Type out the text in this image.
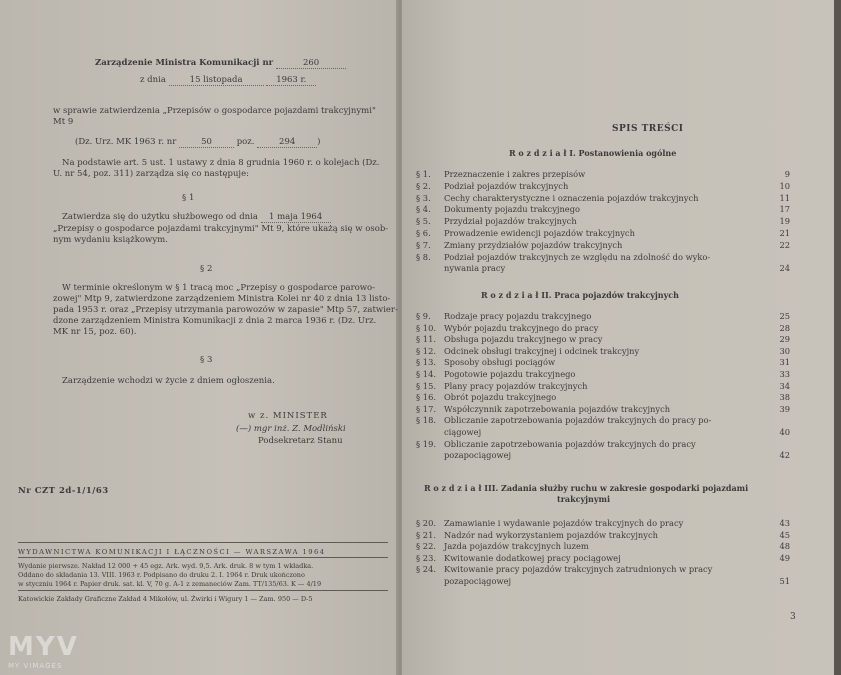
Zarządzenie Ministra Komunikacji nr	260
z dnia	15 listopada	1963 r.
w sprawie zatwierdzenia „Przepisów o gospodarce pojazdami trakcyjnymi"
Mt 9
(Dz. Urz. MK 1963 r. nr	50	poz.	294	)
Na podstawie art. 5 ust. 1 ustawy z dnia 8 grudnia 1960 r. o kolejach (Dz.
U. nr 54, poz. 311) zarządza się co następuje:
§ 1
Zatwierdza się do użytku służbowego od dnia 1 maja 1964
„Przepisy o gospodarce pojazdami trakcyjnymi" Mt 9, które ukażą się w osob-
nym wydaniu książkowym.
§ 2
W terminie określonym w § 1 tracą moc „Przepisy o gospodarce parowo-
zowej" Mtp 9, zatwierdzone zarządzeniem Ministra Kolei nr 40 z dnia 13 listo-
pada 1953 r. oraz „Przepisy utrzymania parowozów w zapasie" Mtp 57, zatwier-
dzone zarządzeniem Ministra Komunikacji z dnia 2 marca 1936 r. (Dz. Urz.
MK nr 15, poz. 60).
§ 3
Zarządzenie wchodzi w życie z dniem ogłoszenia.
w z. MINISTER
(—) mgr inż. Z. Modliński
Podsekretarz Stanu
Nr CZT 2d-1/1/63
WYDAWNICTWA KOMUNIKACJI I ŁĄCZNOŚCI — WARSZAWA 1964
Wydanie pierwsze. Nakład 12 000 + 45 egz. Ark. wyd. 9,5. Ark. druk. 8 w tym 1 wkładka.
Oddano do składania 13. VIII. 1963 r. Podpisano do druku 2. I. 1964 r. Druk ukończono
w styczniu 1964 r. Papier druk. sat. kl. V, 70 g. A-1 z zemaneciów Zam. TT/135/63. K — 4/19
Katowickie Zakłady Graficzne Zakład 4 Mikołów, ul. Żwirki i Wigury 1 — Zam. 950 — D-5
MYV
MY VIMAGES
SPIS TREŚCI
R o z d z i a ł I. Postanowienia ogólne
§ 1. Przeznaczenie i zakres przepisów	9
§ 2. Podział pojazdów trakcyjnych	10
§ 3. Cechy charakterystyczne i oznaczenia pojazdów trakcyjnych	11
§ 4. Dokumenty pojazdu trakcyjnego	17
§ 5. Przydział pojazdów trakcyjnych	19
§ 6. Prowadzenie ewidencji pojazdów trakcyjnych	21
§ 7. Zmiany przydziałów pojazdów trakcyjnych	22
§ 8. Podział pojazdów trakcyjnych ze względu na zdolność do wyko-
nywania pracy	24
R o z d z i a ł II. Praca pojazdów trakcyjnych
§ 9. Rodzaje pracy pojazdu trakcyjnego	25
§ 10. Wybór pojazdu trakcyjnego do pracy	28
§ 11. Obsługa pojazdu trakcyjnego w pracy	29
§ 12. Odcinek obsługi trakcyjnej i odcinek trakcyjny	30
§ 13. Sposoby obsługi pociągów	31
§ 14. Pogotowie pojazdu trakcyjnego	33
§ 15. Plany pracy pojazdów trakcyjnych	34
§ 16. Obrót pojazdu trakcyjnego	38
§ 17. Współczynnik zapotrzebowania pojazdów trakcyjnych	39
§ 18. Obliczanie zapotrzebowania pojazdów trakcyjnych do pracy po-
ciągowej	40
§ 19. Obliczanie zapotrzebowania pojazdów trakcyjnych do pracy
pozapociągowej	42
R o z d z i a ł III. Zadania służby ruchu w zakresie gospodarki pojazdami
trakcyjnymi
§ 20. Zamawianie i wydawanie pojazdów trakcyjnych do pracy	43
§ 21. Nadzór nad wykorzystaniem pojazdów trakcyjnych	45
§ 22. Jazda pojazdów trakcyjnych luzem	48
§ 23. Kwitowanie dodatkowej pracy pociągowej	49
§ 24. Kwitowanie pracy pojazdów trakcyjnych zatrudnionych w pracy
pozapociągowej	51
3
